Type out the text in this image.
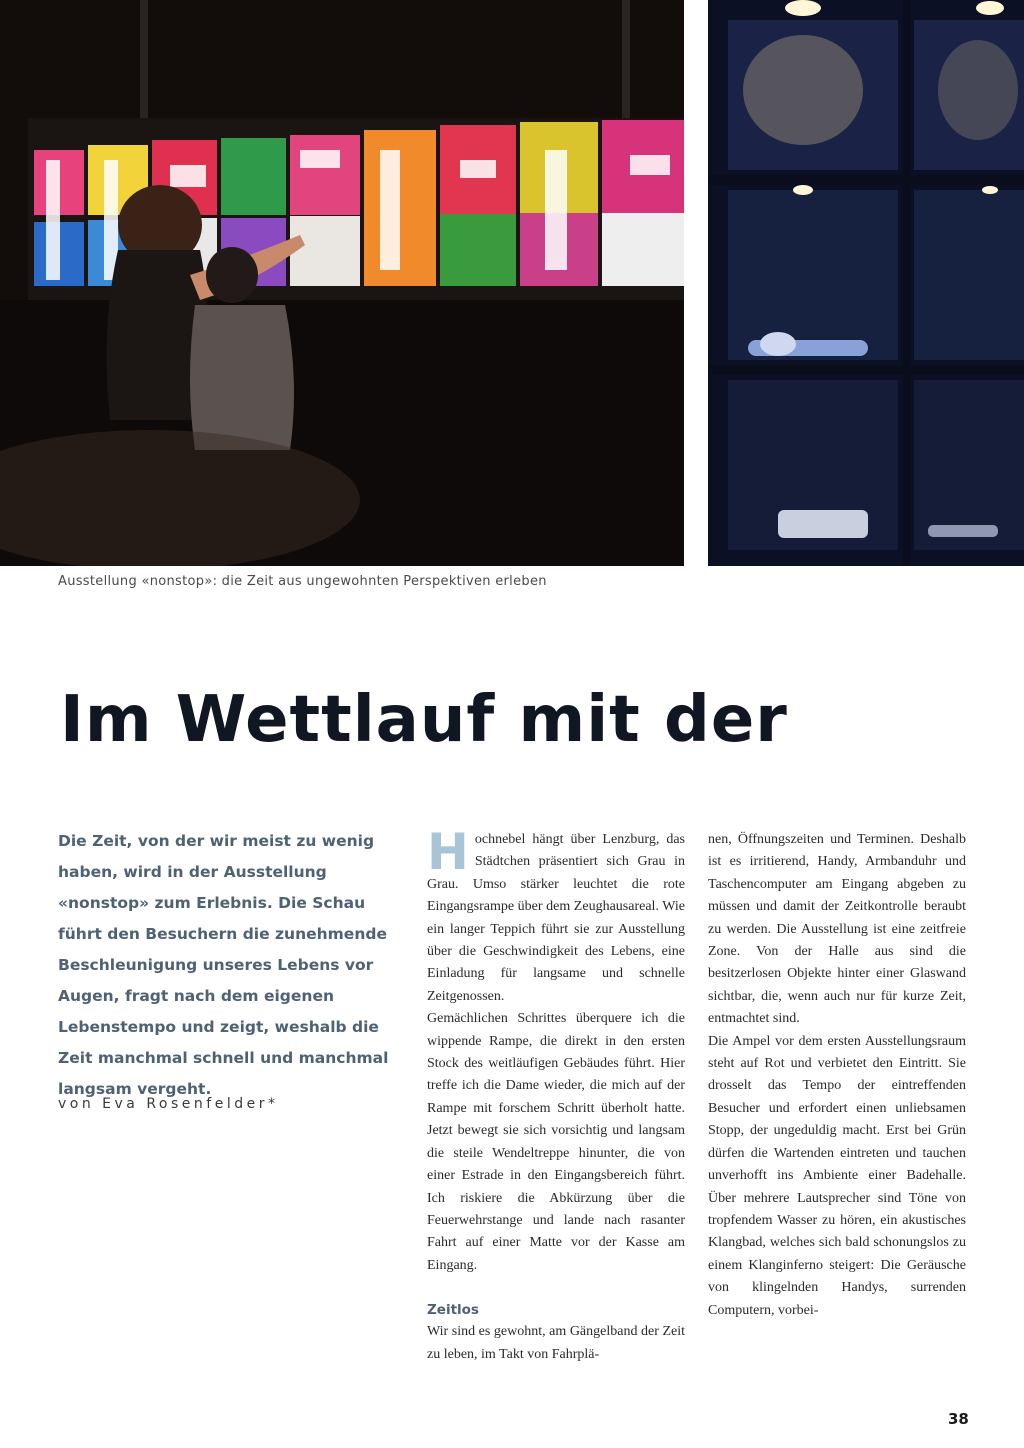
Ausstellung «nonstop»: die Zeit aus ungewohnten Perspektiven erleben
Im Wettlauf mit der

Die Zeit, von der wir meist zu wenig haben, wird in der Ausstellung «nonstop» zum Erlebnis. Die Schau führt den Besuchern die zunehmende Beschleunigung unseres Lebens vor Augen, fragt nach dem eigenen Lebenstempo und zeigt, weshalb die Zeit manchmal schnell und manchmal langsam vergeht.

von Eva Rosenfelder*

Hochnebel hängt über Lenzburg, das Städtchen präsentiert sich Grau in Grau. Umso stärker leuchtet die rote Eingangsrampe über dem Zeughausareal. Wie ein langer Teppich führt sie zur Ausstellung über die Geschwindigkeit des Lebens, eine Einladung für langsame und schnelle Zeitgenossen.

Gemächlichen Schrittes überquere ich die wippende Rampe, die direkt in den ersten Stock des weitläufigen Gebäudes führt. Hier treffe ich die Dame wieder, die mich auf der Rampe mit forschem Schritt überholt hatte. Jetzt bewegt sie sich vorsichtig und langsam die steile Wendeltreppe hinunter, die von einer Estrade in den Eingangsbereich führt. Ich riskiere die Abkürzung über die Feuerwehrstange und lande nach rasanter Fahrt auf einer Matte vor der Kasse am Eingang.

Zeitlos

Wir sind es gewohnt, am Gängelband der Zeit zu leben, im Takt von Fahrplä-

nen, Öffnungszeiten und Terminen. Deshalb ist es irritierend, Handy, Armbanduhr und Taschencomputer am Eingang abgeben zu müssen und damit der Zeitkontrolle beraubt zu werden. Die Ausstellung ist eine zeitfreie Zone. Von der Halle aus sind die besitzerlosen Objekte hinter einer Glaswand sichtbar, die, wenn auch nur für kurze Zeit, entmachtet sind.

Die Ampel vor dem ersten Ausstellungsraum steht auf Rot und verbietet den Eintritt. Sie drosselt das Tempo der eintreffenden Besucher und erfordert einen unliebsamen Stopp, der ungeduldig macht. Erst bei Grün dürfen die Wartenden eintreten und tauchen unverhofft ins Ambiente einer Badehalle. Über mehrere Lautsprecher sind Töne von tropfendem Wasser zu hören, ein akustisches Klangbad, welches sich bald schonungslos zu einem Klanginferno steigert: Die Geräusche von klingelnden Handys, surrenden Computern, vorbei-

38
